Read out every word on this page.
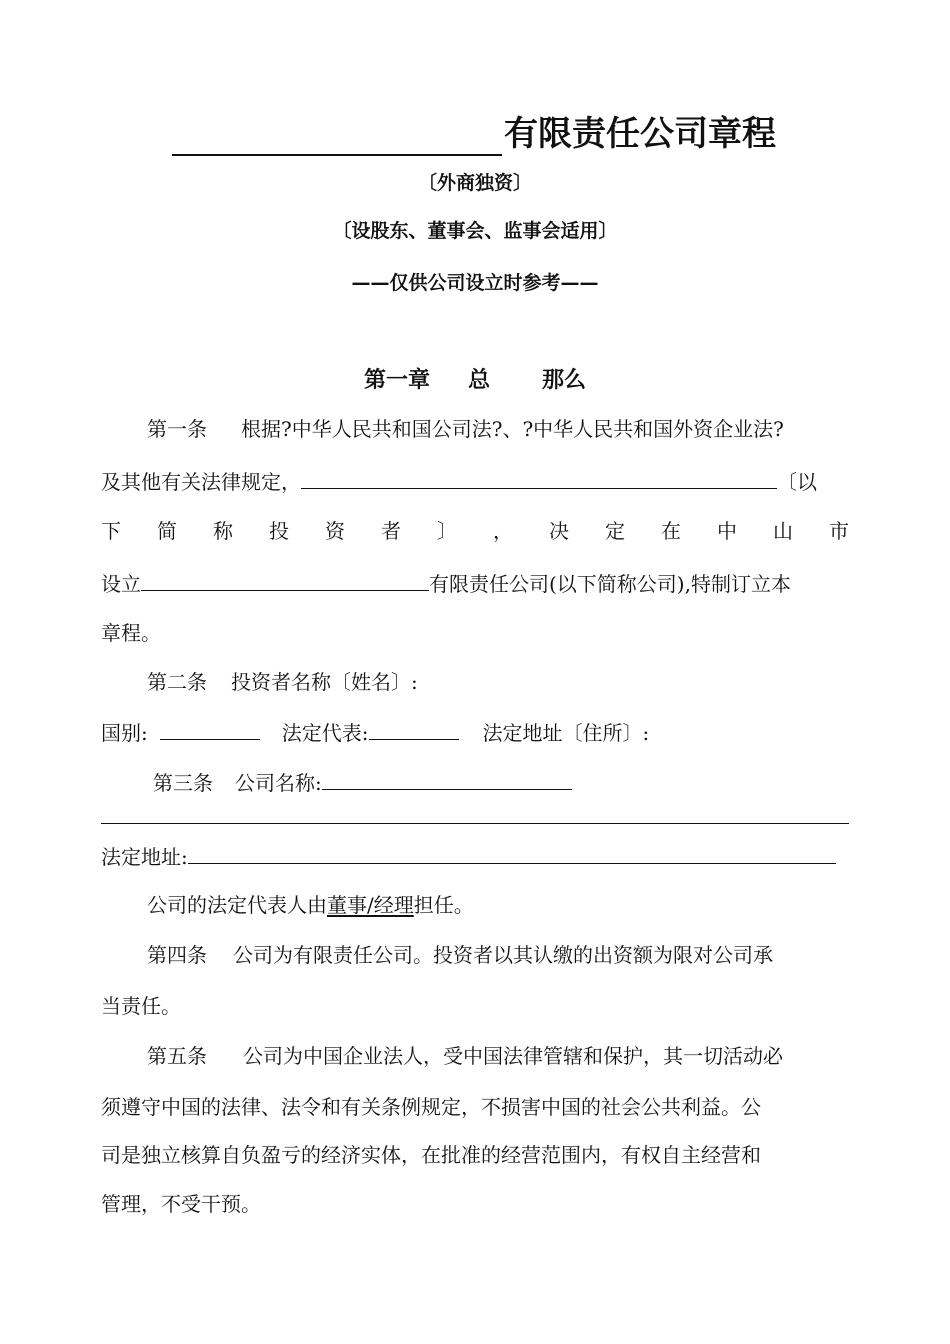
有限责任公司章程
〔外商独资〕
〔设股东、董事会、监事会适用〕
——仅供公司设立时参考——
第一章 总 那么
第一条 根据?中华人民共和国公司法?、?中华人民共和国外资企业法?
及其他有关法律规定，	〔以
下 简 称 投 资 者 〕 ， 决 定 在 中 山 市
设立	有限责任公司(以下简称公司),特制订立本
章程。
第二条 投资者名称〔姓名〕:
国别:	法定代表:	法定地址〔住所〕:
第三条 公司名称:
法定地址:
公司的法定代表人由董事/经理担任。
第四条 公司为有限责任公司。投资者以其认缴的出资额为限对公司承
当责任。
第五条 公司为中国企业法人，受中国法律管辖和保护，其一切活动必
须遵守中国的法律、法令和有关条例规定，不损害中国的社会公共利益。公
司是独立核算自负盈亏的经济实体，在批准的经营范围内，有权自主经营和
管理，不受干预。
